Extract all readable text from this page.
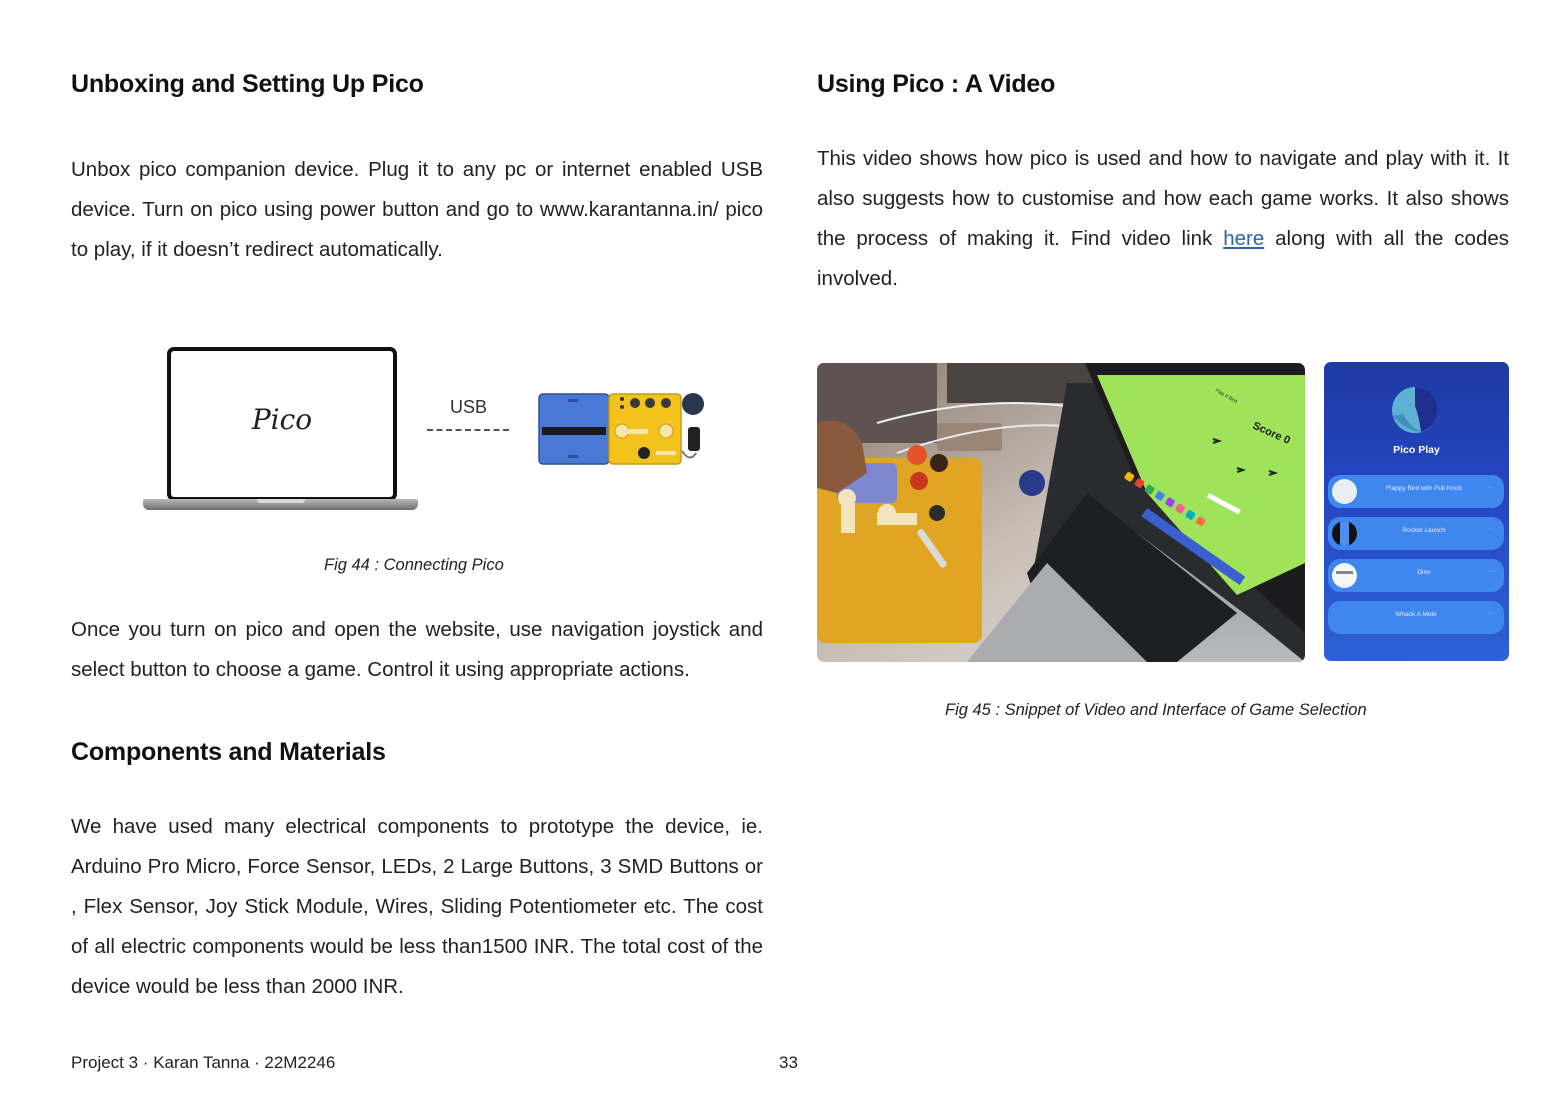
Unboxing and Setting Up Pico

Unbox pico companion device. Plug it to any pc or internet enabled USB device. Turn on pico using power button and go to www.karantanna.in/ pico to play, if it doesn’t redirect automatically.

Pico	USB
Fig 44 : Connecting Pico

Once you turn on pico and open the website, use navigation joystick and select button to choose a game. Control it using appropriate actions.

Components and Materials

We have used many electrical components to prototype the device, ie. Arduino Pro Micro, Force Sensor, LEDs, 2 Large Buttons, 3 SMD Buttons or , Flex Sensor, Joy Stick Module, Wires, Sliding Potentiometer etc. The cost of all electric components would be less than1500 INR. The total cost of the device would be less than 2000 INR.

Using Pico : A Video

This video shows how pico is used and how to navigate and play with it. It also suggests how to customise and how each game works. It also shows the process of making it. Find video link here along with all the codes involved.

Score 0
Flap It Bird
Pico Play
Flappy Bird with Pull Knob	···
Rocket Launch	···
Dino	···
Whack A Mole	···
Fig 45 : Snippet of Video and Interface of Game Selection
Project 3 · Karan Tanna · 22M2246	33
